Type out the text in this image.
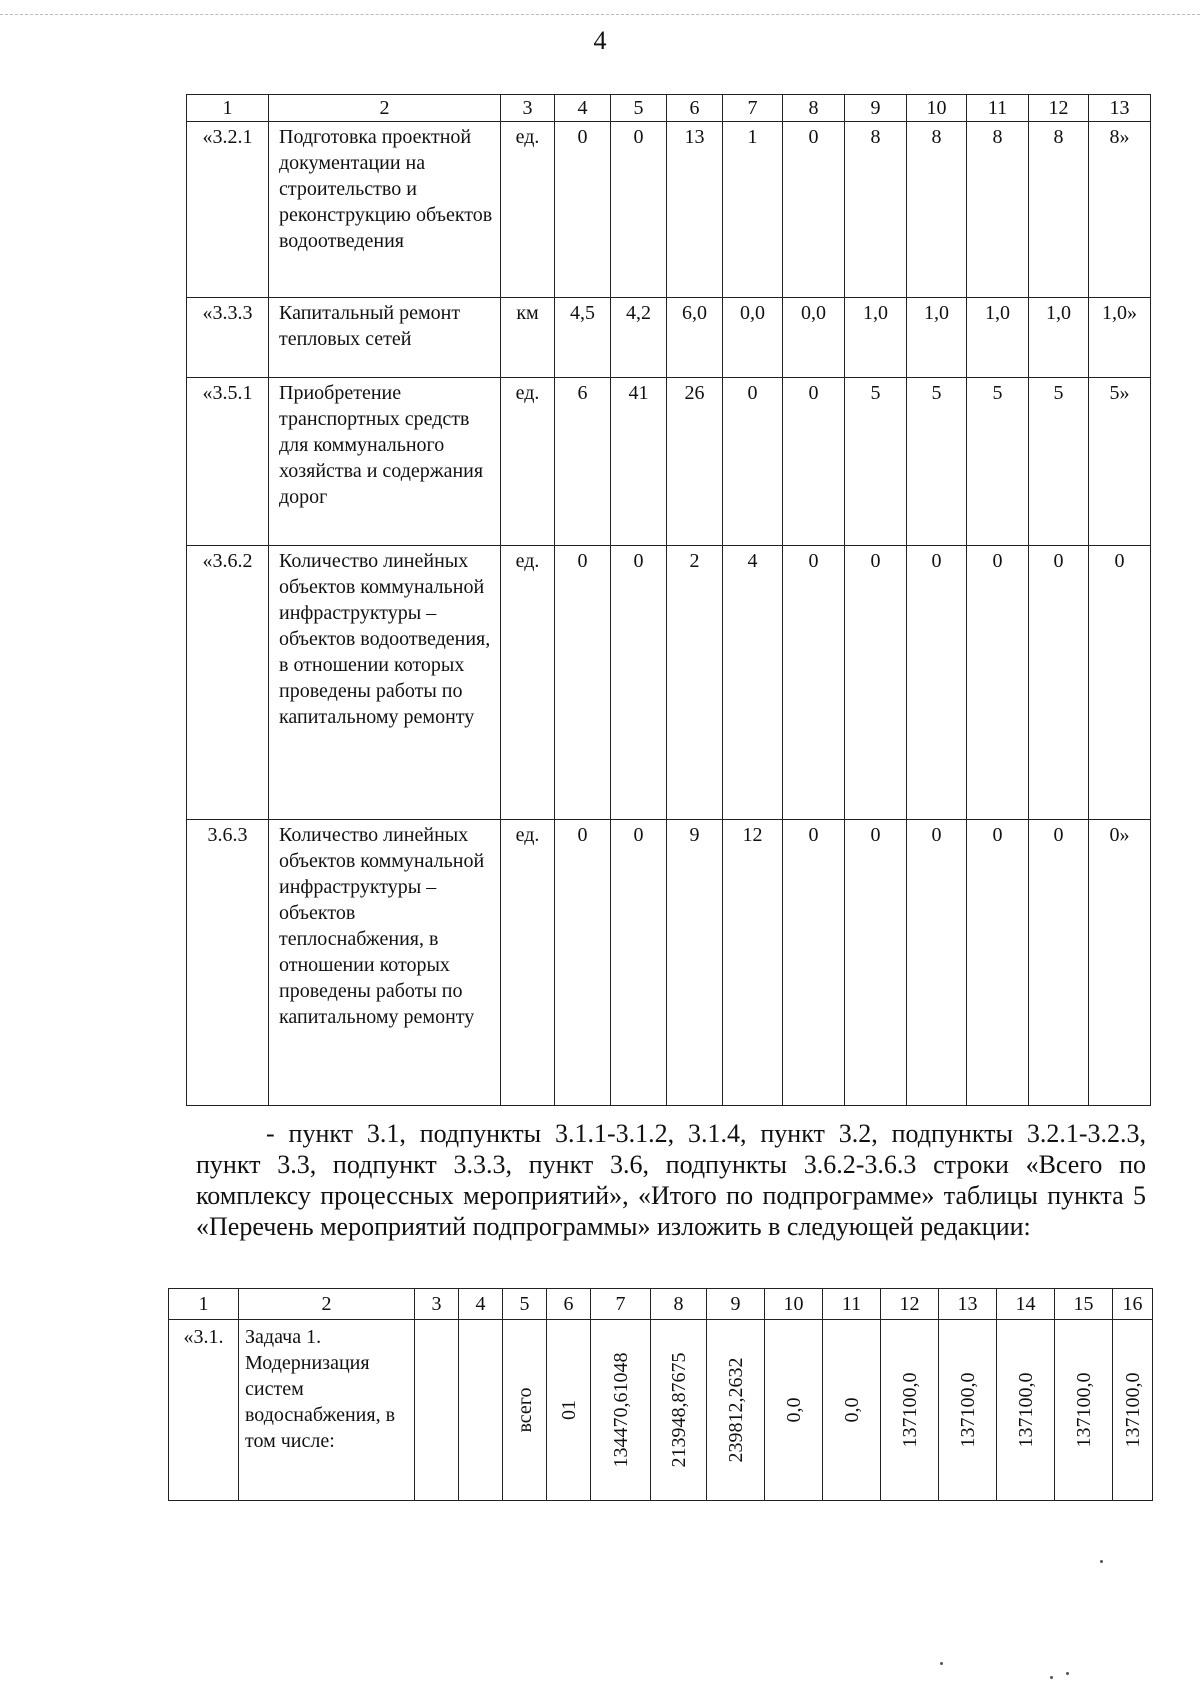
4
1	2	3	4	5	6	7	8	9	10	11	12	13
«3.2.1	Подготовка проектной документации на строительство и реконструкцию объектов водоотведения	ед.	0	0	13	1	0	8	8	8	8	8»
«3.3.3	Капитальный ремонт тепловых сетей	км	4,5	4,2	6,0	0,0	0,0	1,0	1,0	1,0	1,0	1,0»
«3.5.1	Приобретение транспортных средств для коммунального хозяйства и содержания дорог	ед.	6	41	26	0	0	5	5	5	5	5»
«3.6.2	Количество линейных объектов коммунальной инфраструктуры – объектов водоотведения, в отношении которых проведены работы по капитальному ремонту	ед.	0	0	2	4	0	0	0	0	0	0
3.6.3	Количество линейных объектов коммунальной инфраструктуры – объектов теплоснабжения, в отношении которых проведены работы по капитальному ремонту	ед.	0	0	9	12	0	0	0	0	0	0»

- пункт 3.1, подпункты 3.1.1-3.1.2, 3.1.4, пункт 3.2, подпункты 3.2.1-3.2.3, пункт 3.3, подпункт 3.3.3, пункт 3.6, подпункты 3.6.2-3.6.3 строки «Всего по комплексу процессных мероприятий», «Итого по подпрограмме» таблицы пункта 5 «Перечень мероприятий подпрограммы» изложить в следующей редакции:

1	2	3	4	5	6	7	8	9	10	11	12	13	14	15	16
«3.1.	Задача 1. Модернизация систем водоснабжения, в том числе:			всего	01	134470,61048	213948,87675	239812,2632	0,0	0,0	137100,0	137100,0	137100,0	137100,0	137100,0
